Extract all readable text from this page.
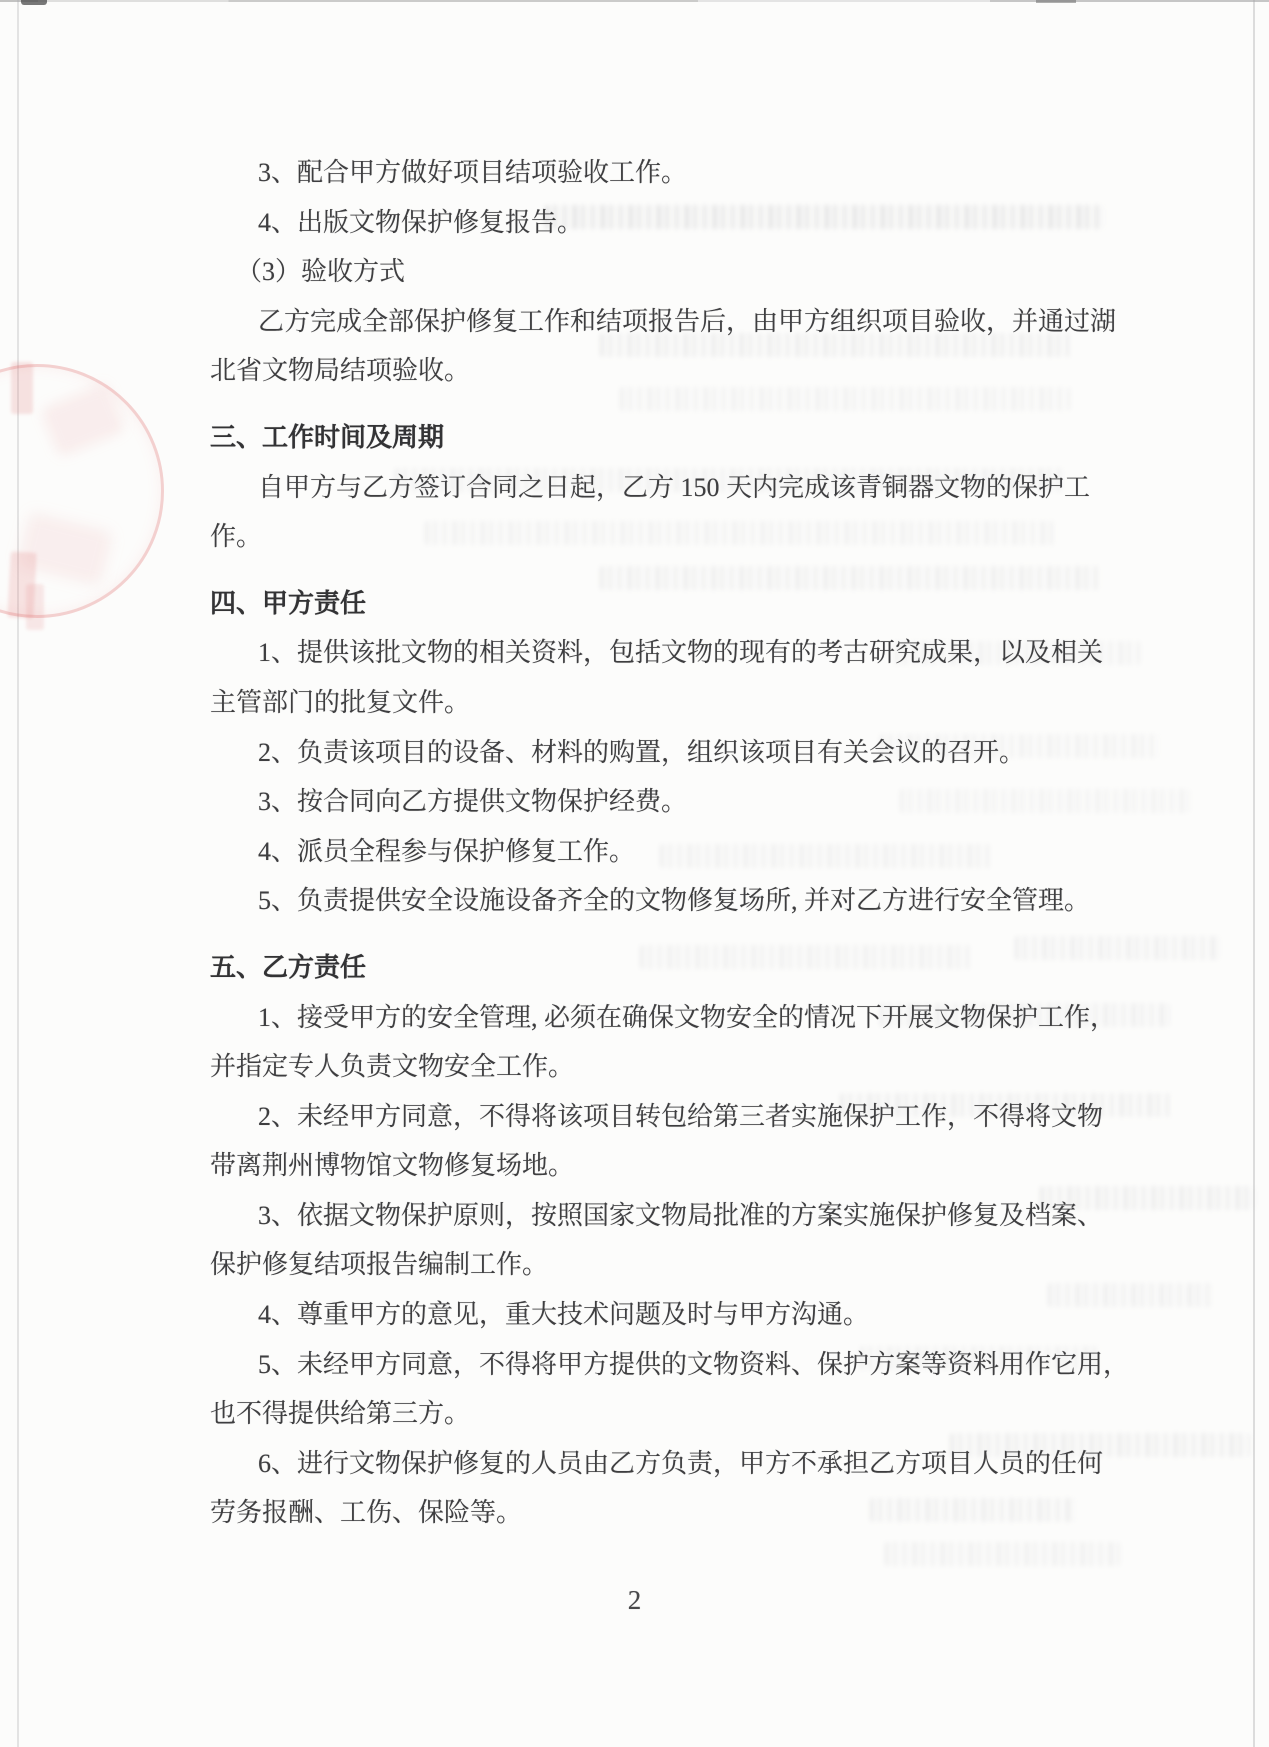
3、配合甲方做好项目结项验收工作。
4、出版文物保护修复报告。
（3）验收方式
乙方完成全部保护修复工作和结项报告后，由甲方组织项目验收，并通过湖
北省文物局结项验收。
三、工作时间及周期
自甲方与乙方签订合同之日起，乙方 150 天内完成该青铜器文物的保护工
作。
四、甲方责任
1、提供该批文物的相关资料，包括文物的现有的考古研究成果，以及相关
主管部门的批复文件。
2、负责该项目的设备、材料的购置，组织该项目有关会议的召开。
3、按合同向乙方提供文物保护经费。
4、派员全程参与保护修复工作。
5、负责提供安全设施设备齐全的文物修复场所, 并对乙方进行安全管理。
五、乙方责任
1、接受甲方的安全管理, 必须在确保文物安全的情况下开展文物保护工作，
并指定专人负责文物安全工作。
2、未经甲方同意，不得将该项目转包给第三者实施保护工作，不得将文物
带离荆州博物馆文物修复场地。
3、依据文物保护原则，按照国家文物局批准的方案实施保护修复及档案、
保护修复结项报告编制工作。
4、尊重甲方的意见，重大技术问题及时与甲方沟通。
5、未经甲方同意，不得将甲方提供的文物资料、保护方案等资料用作它用，
也不得提供给第三方。
6、进行文物保护修复的人员由乙方负责，甲方不承担乙方项目人员的任何
劳务报酬、工伤、保险等。
2
